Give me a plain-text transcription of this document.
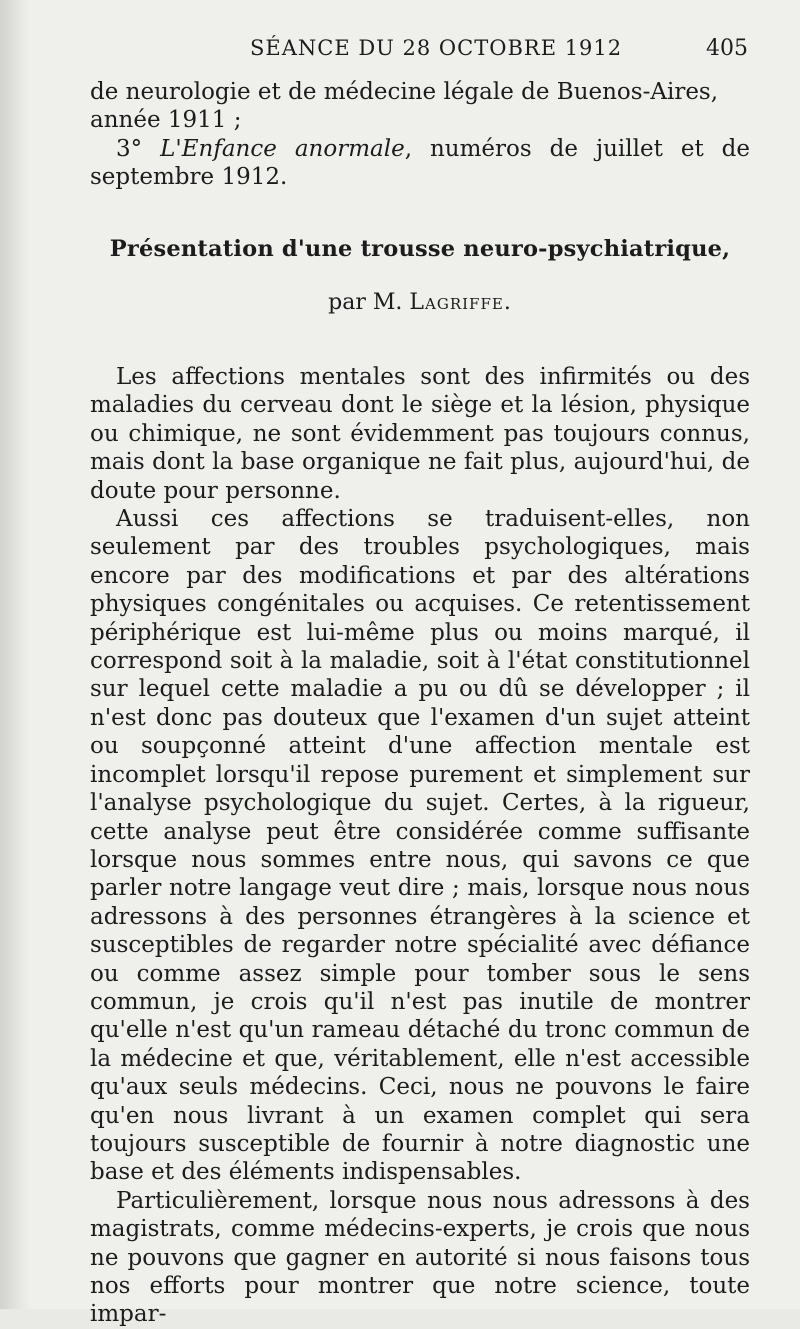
SÉANCE DU 28 OCTOBRE 1912	405

de neurologie et de médecine légale de Buenos-Aires,

année 1911 ;

3° L'Enfance anormale, numéros de juillet et de septembre 1912.

Présentation d'une trousse neuro-psychiatrique,
par M. Lagriffe.

Les affections mentales sont des infirmités ou des maladies du cerveau dont le siège et la lésion, physique ou chimique, ne sont évidemment pas toujours connus, mais dont la base organique ne fait plus, aujourd'hui, de doute pour personne.

Aussi ces affections se traduisent-elles, non seulement par des troubles psychologiques, mais encore par des modifications et par des altérations physiques congénitales ou acquises. Ce retentissement périphérique est lui-même plus ou moins marqué, il correspond soit à la maladie, soit à l'état constitutionnel sur lequel cette maladie a pu ou dû se développer ; il n'est donc pas douteux que l'examen d'un sujet atteint ou soupçonné atteint d'une affection mentale est incomplet lorsqu'il repose purement et simplement sur l'analyse psychologique du sujet. Certes, à la rigueur, cette analyse peut être considérée comme suffisante lorsque nous sommes entre nous, qui savons ce que parler notre langage veut dire ; mais, lorsque nous nous adressons à des personnes étrangères à la science et susceptibles de regarder notre spécialité avec défiance ou comme assez simple pour tomber sous le sens commun, je crois qu'il n'est pas inutile de montrer qu'elle n'est qu'un rameau détaché du tronc commun de la médecine et que, véritablement, elle n'est accessible qu'aux seuls médecins. Ceci, nous ne pouvons le faire qu'en nous livrant à un examen complet qui sera toujours susceptible de fournir à notre diagnostic une base et des éléments indispensables.

Particulièrement, lorsque nous nous adressons à des magistrats, comme médecins-experts, je crois que nous ne pouvons que gagner en autorité si nous faisons tous nos efforts pour montrer que notre science, toute impar-
